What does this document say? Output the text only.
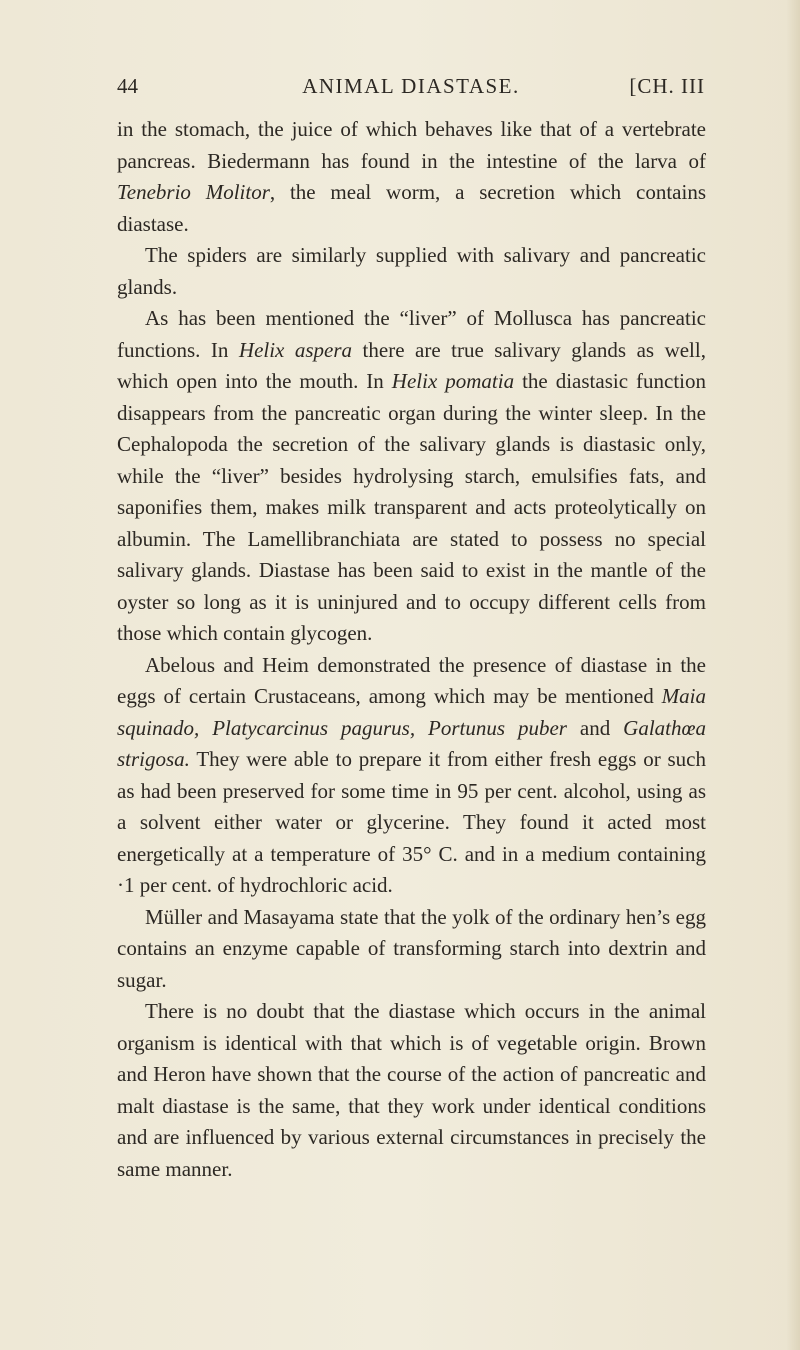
44	ANIMAL DIASTASE.	[CH. III

in the stomach, the juice of which behaves like that of a vertebrate pancreas. Biedermann has found in the intestine of the larva of Tenebrio Molitor, the meal worm, a secretion which contains diastase.

The spiders are similarly supplied with salivary and pancreatic glands.

As has been mentioned the “liver” of Mollusca has pancreatic functions. In Helix aspera there are true salivary glands as well, which open into the mouth. In Helix pomatia the diastasic function disappears from the pancreatic organ during the winter sleep. In the Cephalopoda the secretion of the salivary glands is diastasic only, while the “liver” besides hydrolysing starch, emulsifies fats, and saponifies them, makes milk transparent and acts proteolytically on albumin. The Lamellibranchiata are stated to possess no special salivary glands. Diastase has been said to exist in the mantle of the oyster so long as it is uninjured and to occupy different cells from those which contain glycogen.

Abelous and Heim demonstrated the presence of diastase in the eggs of certain Crustaceans, among which may be mentioned Maia squinado, Platycarcinus pagurus, Portunus puber and Galathœa strigosa. They were able to prepare it from either fresh eggs or such as had been preserved for some time in 95 per cent. alcohol, using as a solvent either water or glycerine. They found it acted most energetically at a temperature of 35° C. and in a medium containing ·1 per cent. of hydrochloric acid.

Müller and Masayama state that the yolk of the ordinary hen’s egg contains an enzyme capable of transforming starch into dextrin and sugar.

There is no doubt that the diastase which occurs in the animal organism is identical with that which is of vegetable origin. Brown and Heron have shown that the course of the action of pancreatic and malt diastase is the same, that they work under identical conditions and are influenced by various external circumstances in precisely the same manner.
